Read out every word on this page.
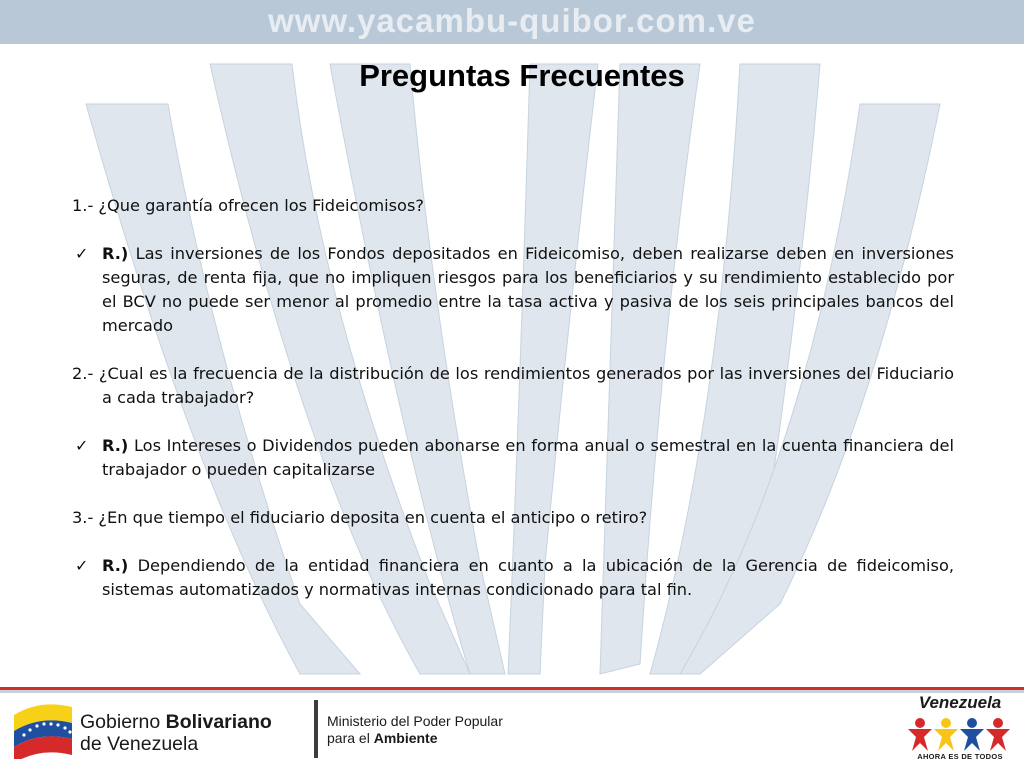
www.yacambu-quibor.com.ve
Preguntas Frecuentes

1.- ¿Que garantía ofrecen los Fideicomisos?

✓ R.) Las inversiones de los Fondos depositados en Fideicomiso, deben realizarse deben en inversiones seguras, de renta fija, que no impliquen riesgos para los beneficiarios y su rendimiento establecido por el BCV no puede ser menor al promedio entre la tasa activa y pasiva de los seis principales bancos del mercado

2.- ¿Cual es la frecuencia de la distribución de los rendimientos generados por las inversiones del Fiduciario a cada trabajador?

✓ R.) Los Intereses o Dividendos pueden abonarse en forma anual o semestral en la cuenta financiera del trabajador o pueden capitalizarse

3.- ¿En que tiempo el fiduciario deposita en cuenta el anticipo o retiro?

✓ R.) Dependiendo de la entidad financiera en cuanto a la ubicación de la Gerencia de fideicomiso, sistemas automatizados y normativas internas condicionado para tal fin.

Gobierno Bolivariano
de Venezuela
Ministerio del Poder Popular
para el Ambiente
Venezuela
AHORA ES DE TODOS
